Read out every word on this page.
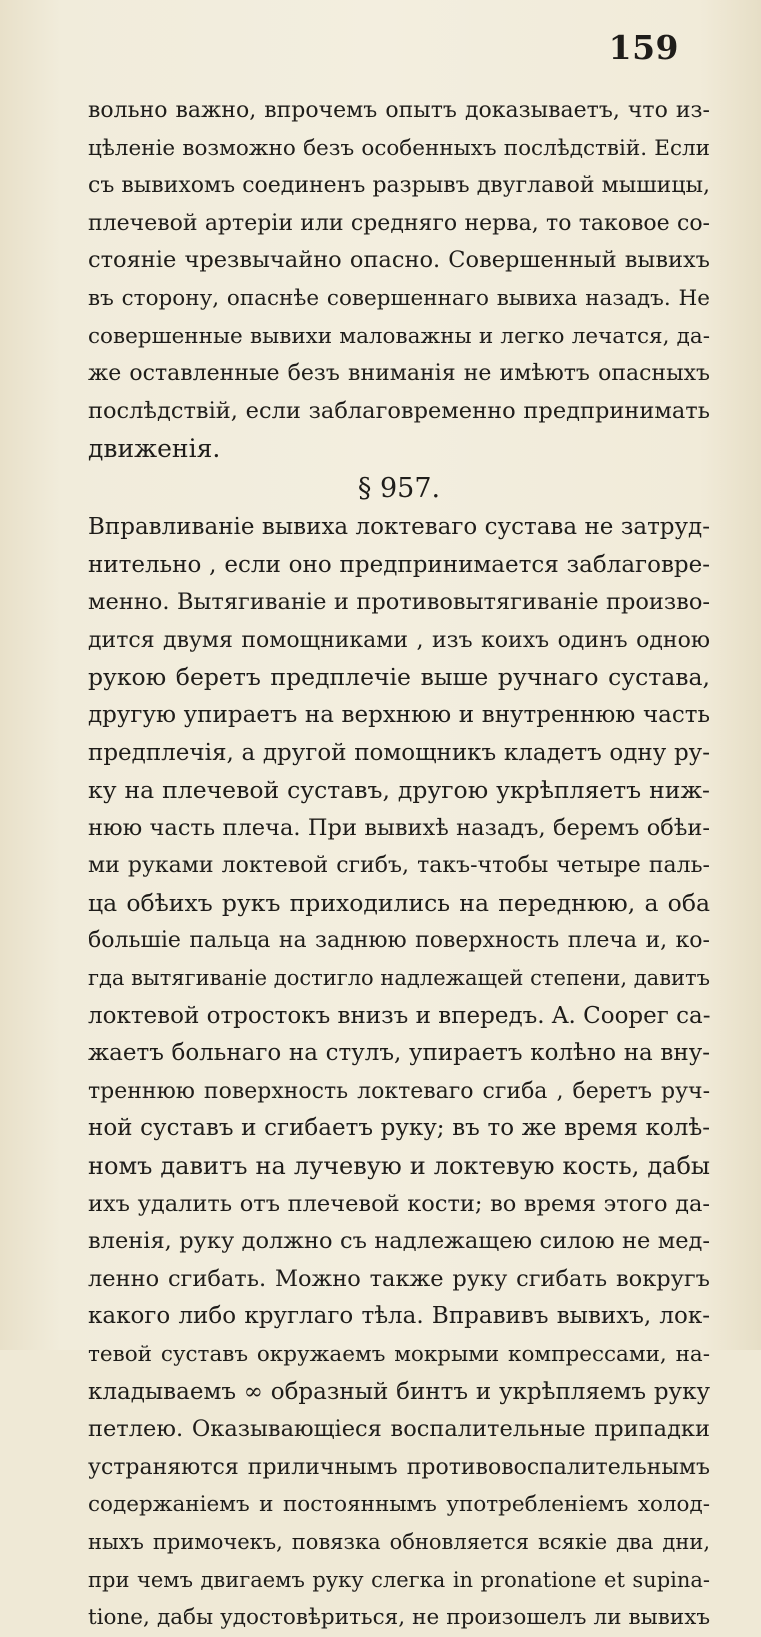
159
вольно важно, впрочемъ опытъ доказываетъ, что из-
цѣленіе возможно безъ особенныхъ послѣдствій. Если
съ вывихомъ соединенъ разрывъ двуглавой мышицы,
плечевой артеріи или средняго нерва, то таковое со-
стояніе чрезвычайно опасно. Совершенный вывихъ
въ сторону, опаснѣе совершеннаго вывиха назадъ. Не
совершенные вывихи маловажны и легко лечатся, да-
же оставленные безъ вниманія не имѣютъ опасныхъ
послѣдствій, если заблаговременно предпринимать
движенія.
§ 957.
Вправливаніе вывиха локтеваго сустава не затруд-
нительно , если оно предпринимается заблаговре-
менно. Вытягиваніе и противовытягиваніе произво-
дится двумя помощниками , изъ коихъ одинъ одною
рукою беретъ предплечіе выше ручнаго сустава,
другую упираетъ на верхнюю и внутреннюю часть
предплечія, а другой помощникъ кладетъ одну ру-
ку на плечевой суставъ, другою укрѣпляетъ ниж-
нюю часть плеча. При вывихѣ назадъ, беремъ обѣи-
ми руками локтевой сгибъ, такъ-чтобы четыре паль-
ца обѣихъ рукъ приходились на переднюю, а оба
большіе пальца на заднюю поверхность плеча и, ко-
гда вытягиваніе достигло надлежащей степени, давитъ
локтевой отростокъ внизъ и впередъ. A. Coорег са-
жаетъ больнаго на стулъ, упираетъ колѣно на вну-
треннюю поверхность локтеваго сгиба , беретъ руч-
ной суставъ и сгибаетъ руку; въ то же время колѣ-
номъ давитъ на лучевую и локтевую кость, дабы
ихъ удалить отъ плечевой кости; во время этого да-
вленія, руку должно съ надлежащею силою не мед-
ленно сгибать. Можно также руку сгибать вокругъ
какого либо круглаго тѣла. Вправивъ вывихъ, лок-
тевой суставъ окружаемъ мокрыми компрессами, на-
кладываемъ ∞ образный бинтъ и укрѣпляемъ руку
петлею. Оказывающіеся воспалительные припадки
устраняются приличнымъ противовоспалительнымъ
содержаніемъ и постояннымъ употребленіемъ холод-
ныхъ примочекъ, повязка обновляется всякіе два дни,
при чемъ двигаемъ руку слегка in pronatione et supina-
tione, дабы удостовѣриться, не произошелъ ли вывихъ
